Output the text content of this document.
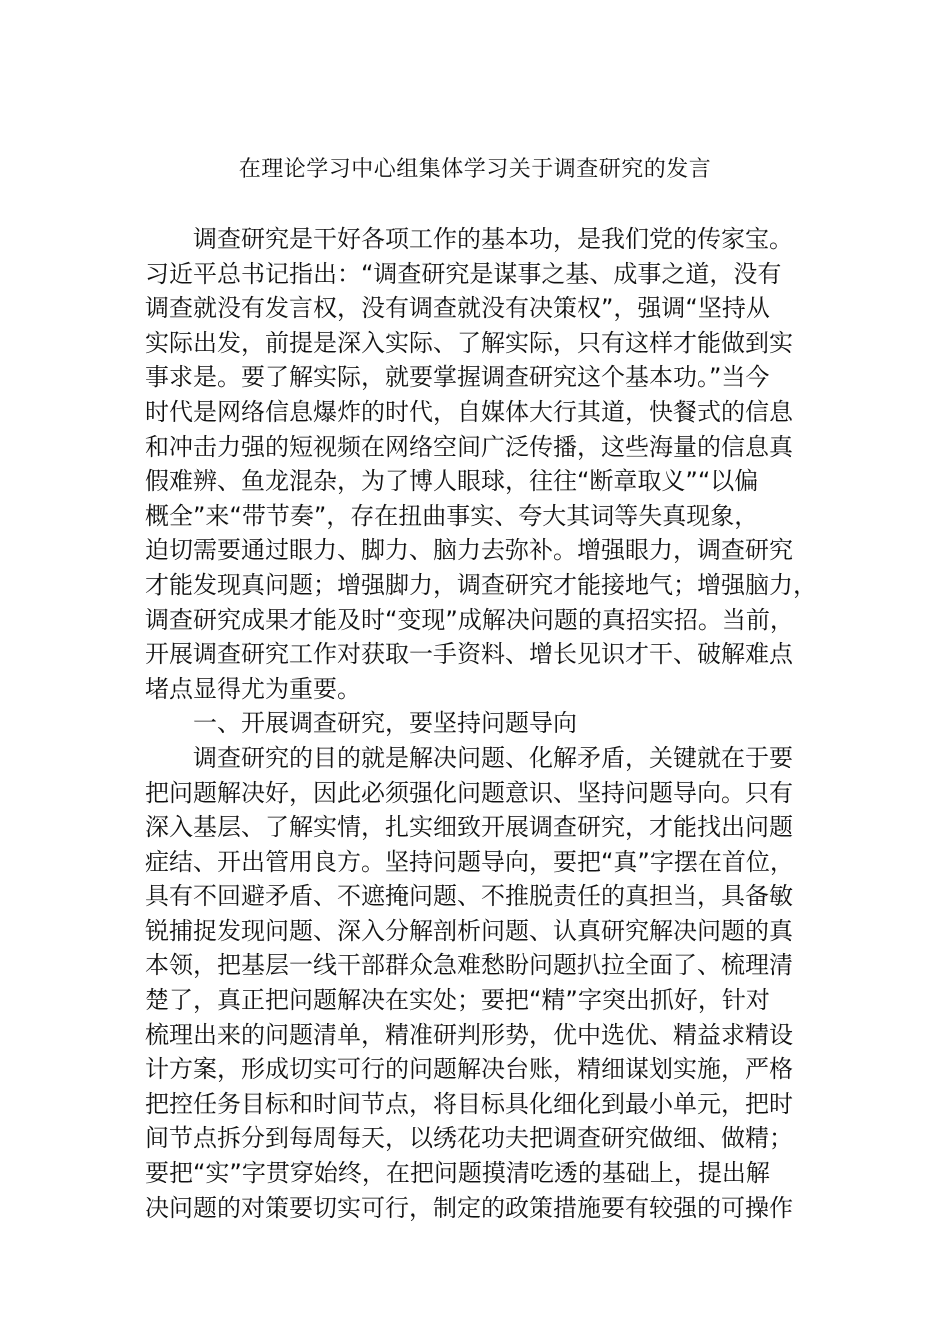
在理论学习中心组集体学习关于调查研究的发言
调查研究是干好各项工作的基本功，是我们党的传家宝。
习近平总书记指出：“调查研究是谋事之基、成事之道，没有
调查就没有发言权，没有调查就没有决策权”，强调“坚持从
实际出发，前提是深入实际、了解实际，只有这样才能做到实
事求是。要了解实际，就要掌握调查研究这个基本功。”当今
时代是网络信息爆炸的时代，自媒体大行其道，快餐式的信息
和冲击力强的短视频在网络空间广泛传播，这些海量的信息真
假难辨、鱼龙混杂，为了博人眼球，往往“断章取义”“以偏
概全”来“带节奏”，存在扭曲事实、夸大其词等失真现象，
迫切需要通过眼力、脚力、脑力去弥补。增强眼力，调查研究
才能发现真问题；增强脚力，调查研究才能接地气；增强脑力，
调查研究成果才能及时“变现”成解决问题的真招实招。当前，
开展调查研究工作对获取一手资料、增长见识才干、破解难点
堵点显得尤为重要。
一、开展调查研究，要坚持问题导向
调查研究的目的就是解决问题、化解矛盾，关键就在于要
把问题解决好，因此必须强化问题意识、坚持问题导向。只有
深入基层、了解实情，扎实细致开展调查研究，才能找出问题
症结、开出管用良方。坚持问题导向，要把“真”字摆在首位，
具有不回避矛盾、不遮掩问题、不推脱责任的真担当，具备敏
锐捕捉发现问题、深入分解剖析问题、认真研究解决问题的真
本领，把基层一线干部群众急难愁盼问题扒拉全面了、梳理清
楚了，真正把问题解决在实处；要把“精”字突出抓好，针对
梳理出来的问题清单，精准研判形势，优中选优、精益求精设
计方案，形成切实可行的问题解决台账，精细谋划实施，严格
把控任务目标和时间节点，将目标具化细化到最小单元，把时
间节点拆分到每周每天，以绣花功夫把调查研究做细、做精；
要把“实”字贯穿始终，在把问题摸清吃透的基础上，提出解
决问题的对策要切实可行，制定的政策措施要有较强的可操作
